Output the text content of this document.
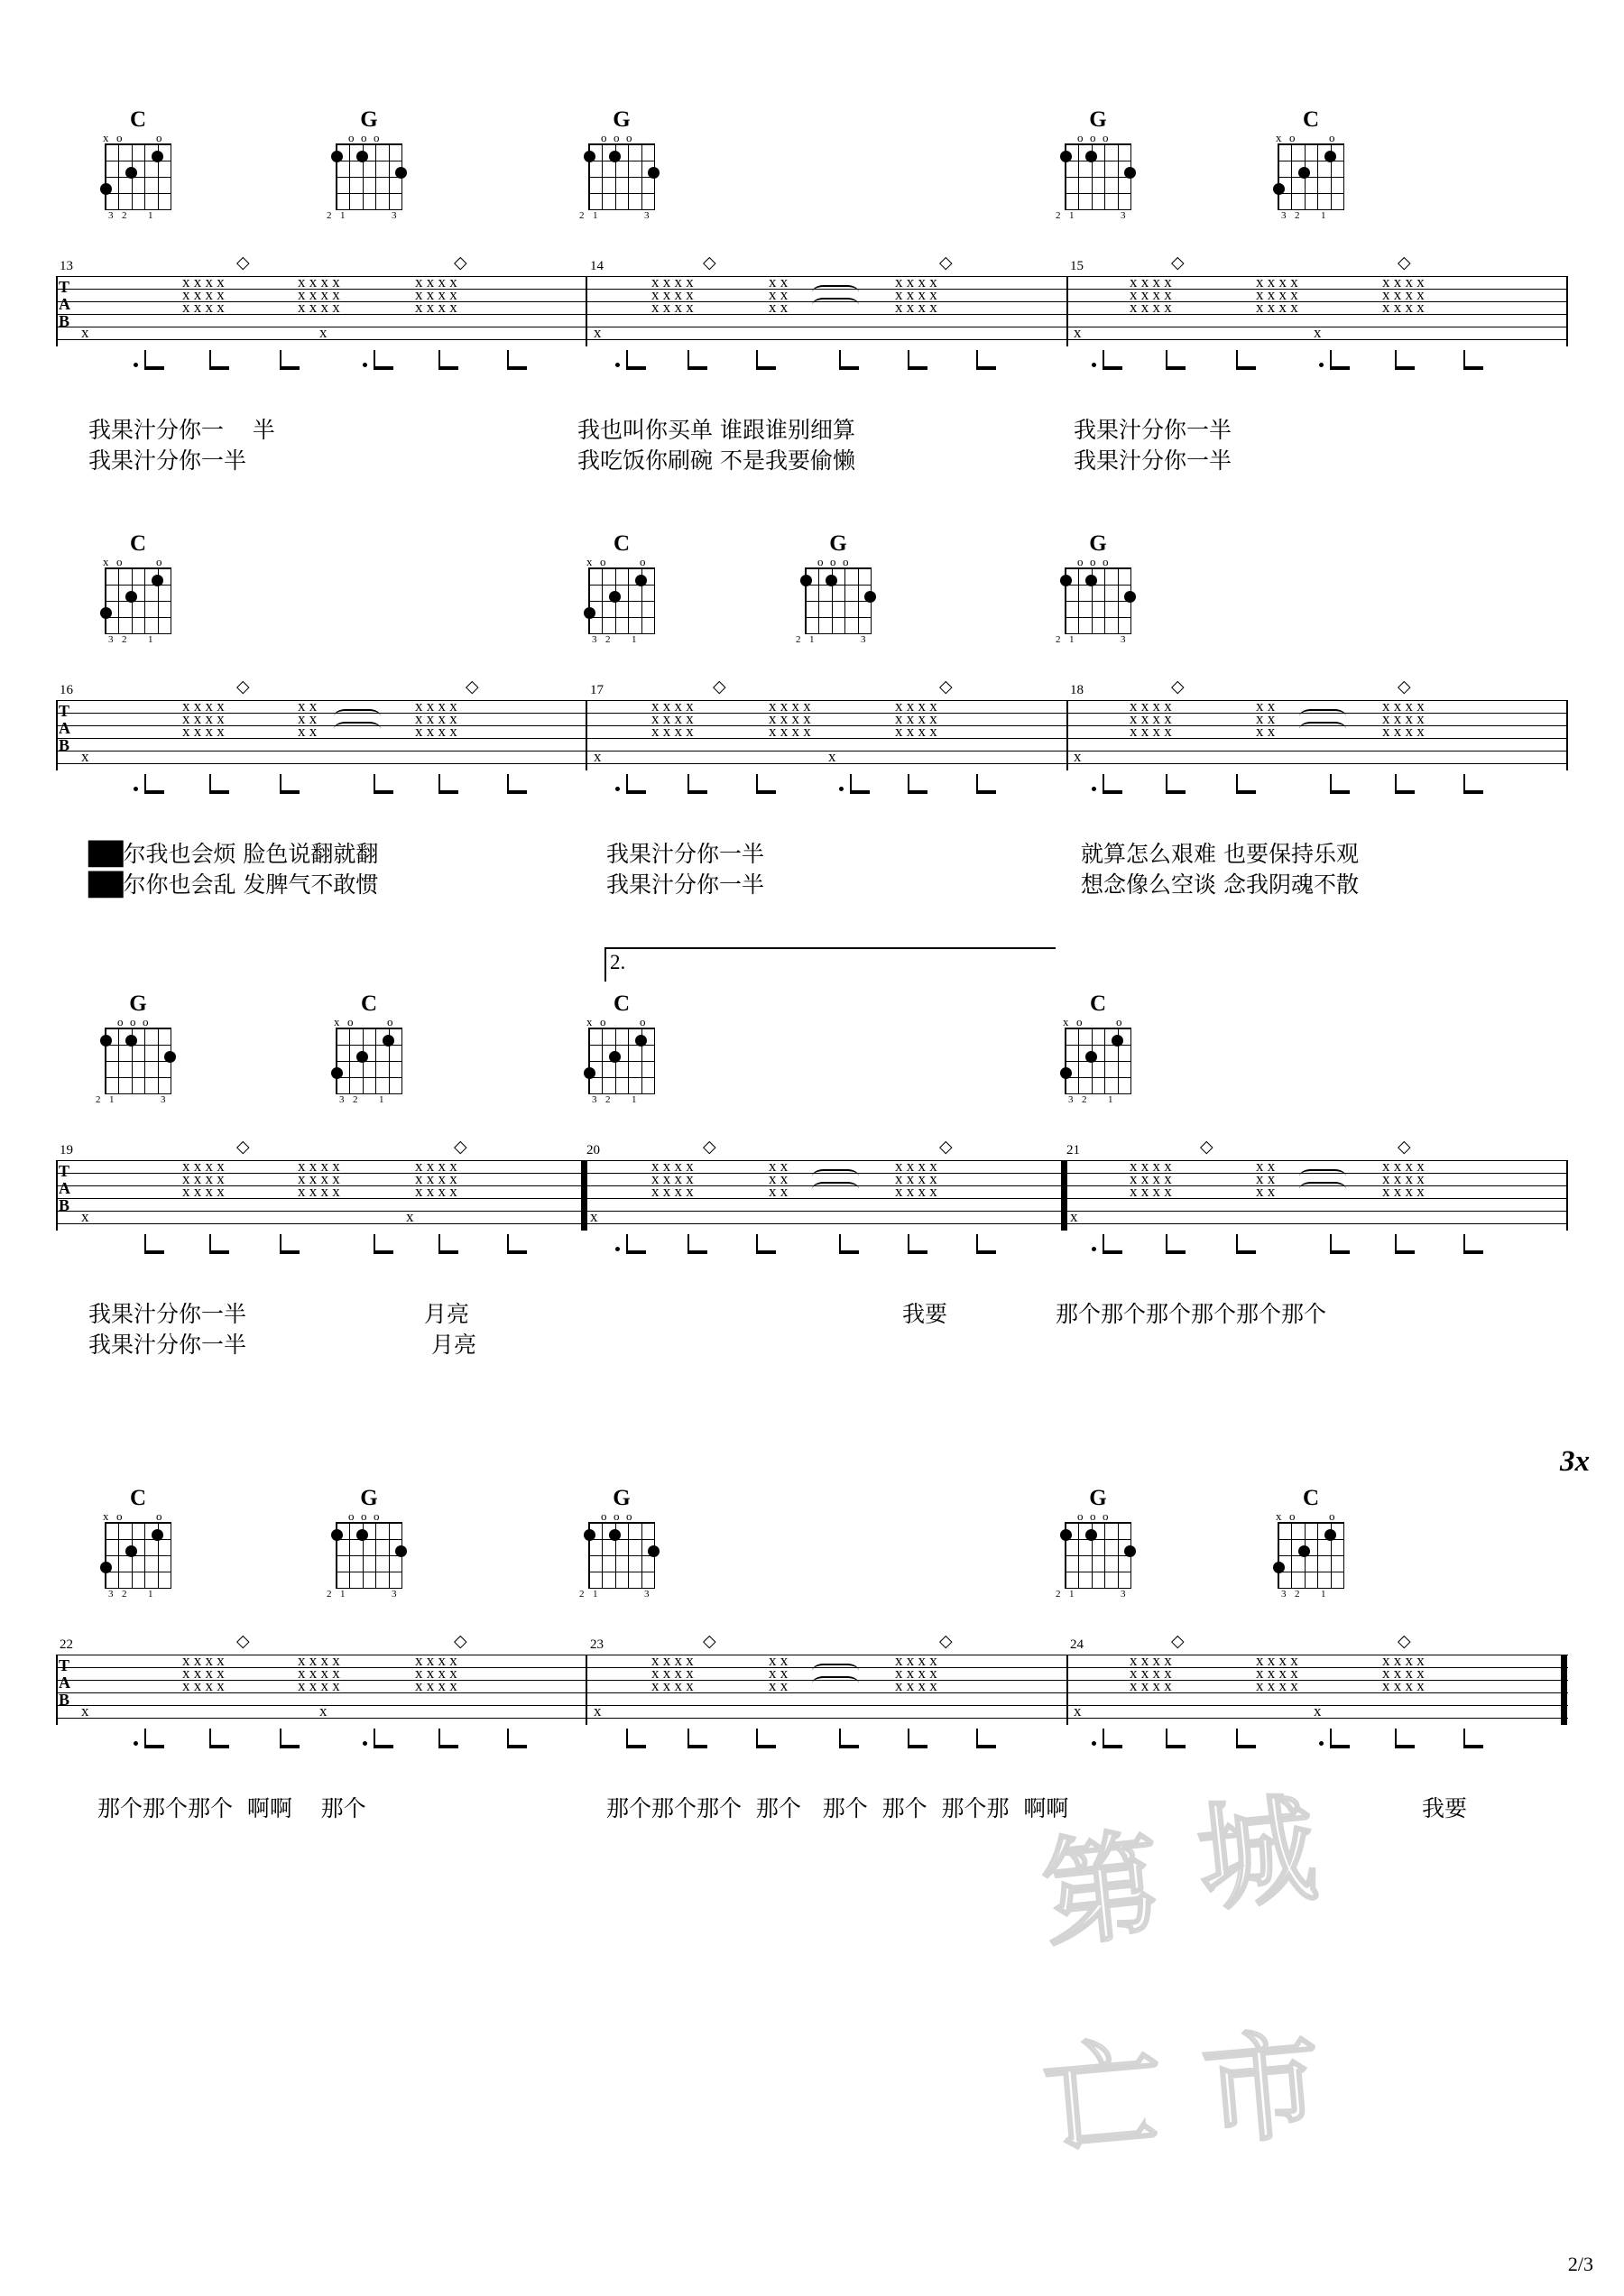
C
x o	o
3 2 1
G
o o o
2 1	3
G
o o o
2 1	3
G
o o o
2 1	3
C
x o	o
3 2 1
◇	◇	◇	◇	◇	◇
T
A
B
13	14	15
x x x x
x x x x
x x x x
x x x x
x x x x
x x x x
x x x x
x x x x
x x x x
x	x
x x x x
x x x x
x x x x
x x
x x
x x
x x x x
x x x x
x x x x
x
x x x x
x x x x
x x x x
x x x x
x x x x
x x x x
x x x x
x x x x
x x x x
x	x
我果汁分你一    半
我果汁分你一半
我也叫你买单 谁跟谁别细算
我吃饭你刷碗 不是我要偷懒
我果汁分你一半
我果汁分你一半
C
x o	o
3 2 1
C
x o	o
3 2 1
G
o o o
2 1	3
G
o o o
2 1	3
◇	◇	◇	◇	◇	◇
T
A
B
16	17	18
x x x x
x x x x
x x x x
x x
x x
x x
x x x x
x x x x
x x x x
x
x x x x
x x x x
x x x x
x x x x
x x x x
x x x x
x x x x
x x x x
x x x x
x	x
x x x x
x x x x
x x x x
x x
x x
x x
x x x x
x x x x
x x x x
x
██尔我也会烦 脸色说翻就翻
██尔你也会乱 发脾气不敢惯
我果汁分你一半
我果汁分你一半
就算怎么艰难 也要保持乐观
想念像么空谈 念我阴魂不散
2.
G
o o o
2 1	3
C
x o	o
3 2 1
C
x o	o
3 2 1
C
x o	o
3 2 1
◇	◇	◇	◇	◇	◇
T
A
B
19	20	21
x x x x
x x x x
x x x x
x x x x
x x x x
x x x x
x x x x
x x x x
x x x x
x	x
x x x x
x x x x
x x x x
x x
x x
x x
x x x x
x x x x
x x x x
x
x x x x
x x x x
x x x x
x x
x x
x x
x x x x
x x x x
x x x x
x
我果汁分你一半
我果汁分你一半
月亮
月亮
我要	那个那个那个那个那个那个
3x
C
x o	o
3 2 1
G
o o o
2 1	3
G
o o o
2 1	3
G
o o o
2 1	3
C
x o	o
3 2 1
◇	◇	◇	◇	◇	◇
T
A
B
22	23	24
x x x x
x x x x
x x x x
x x x x
x x x x
x x x x
x x x x
x x x x
x x x x
x	x
x x x x
x x x x
x x x x
x x
x x
x x
x x x x
x x x x
x x x x
x
x x x x
x x x x
x x x x
x x x x
x x x x
x x x x
x x x x
x x x x
x x x x
x	x
那个那个那个  啊啊    那个	那个那个那个  那个   那个  那个  那个那  啊啊	我要
第 城
亡 市
2/3
